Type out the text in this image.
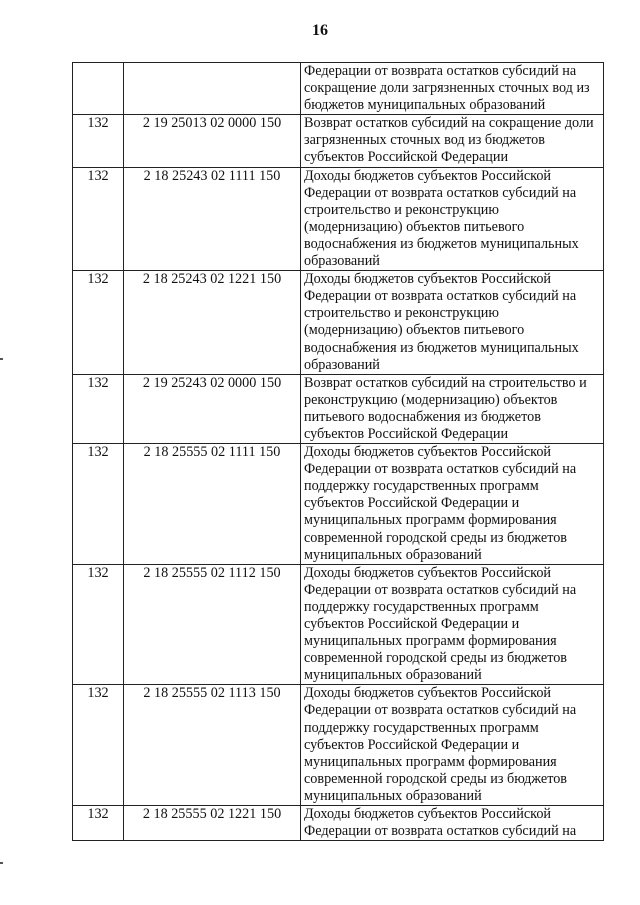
16

		Федерации от возврата остатков субсидий на сокращение доли загрязненных сточных вод из бюджетов муниципальных образований

132	2 19 25013 02 0000 150	Возврат остатков субсидий на сокращение доли загрязненных сточных вод из бюджетов субъектов Российской Федерации

132	2 18 25243 02 1111 150	Доходы бюджетов субъектов Российской Федерации от возврата остатков субсидий на строительство и реконструкцию (модернизацию) объектов питьевого водоснабжения из бюджетов муниципальных образований

132	2 18 25243 02 1221 150	Доходы бюджетов субъектов Российской Федерации от возврата остатков субсидий на строительство и реконструкцию (модернизацию) объектов питьевого водоснабжения из бюджетов муниципальных образований

132	2 19 25243 02 0000 150	Возврат остатков субсидий на строительство и реконструкцию (модернизацию) объектов питьевого водоснабжения из бюджетов субъектов Российской Федерации

132	2 18 25555 02 1111 150	Доходы бюджетов субъектов Российской Федерации от возврата остатков субсидий на поддержку государственных программ субъектов Российской Федерации и муниципальных программ формирования современной городской среды из бюджетов муниципальных образований

132	2 18 25555 02 1112 150	Доходы бюджетов субъектов Российской Федерации от возврата остатков субсидий на поддержку государственных программ субъектов Российской Федерации и муниципальных программ формирования современной городской среды из бюджетов муниципальных образований

132	2 18 25555 02 1113 150	Доходы бюджетов субъектов Российской Федерации от возврата остатков субсидий на поддержку государственных программ субъектов Российской Федерации и муниципальных программ формирования современной городской среды из бюджетов муниципальных образований

132	2 18 25555 02 1221 150	Доходы бюджетов субъектов Российской Федерации от возврата остатков субсидий на
